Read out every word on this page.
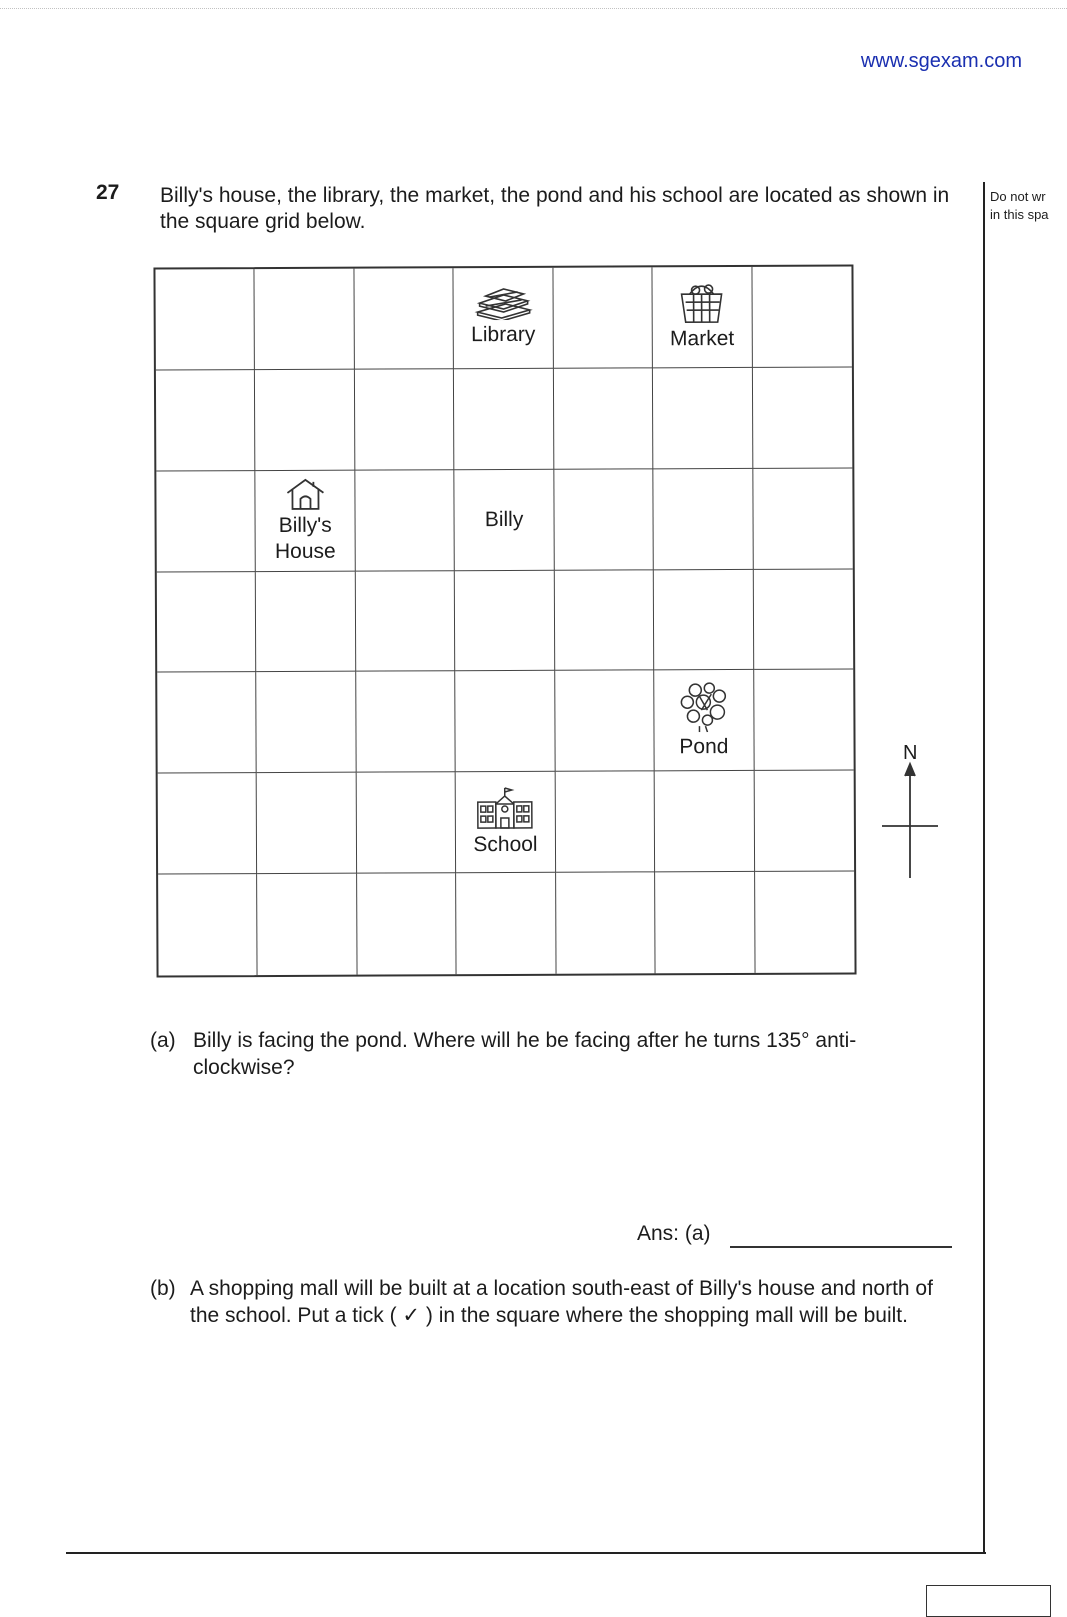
www.sgexam.com
27 Billy's house, the library, the market, the pond and his school are located as shown in the square grid below.
Do not wr
in this spa
Library	Market
Billy's
House
Billy
Pond
School
N
(a) Billy is facing the pond. Where will he be facing after he turns 135° anti-clockwise?
Ans: (a)
(b) A shopping mall will be built at a location south-east of Billy's house and north of the school. Put a tick ( ✓ ) in the square where the shopping mall will be built.
